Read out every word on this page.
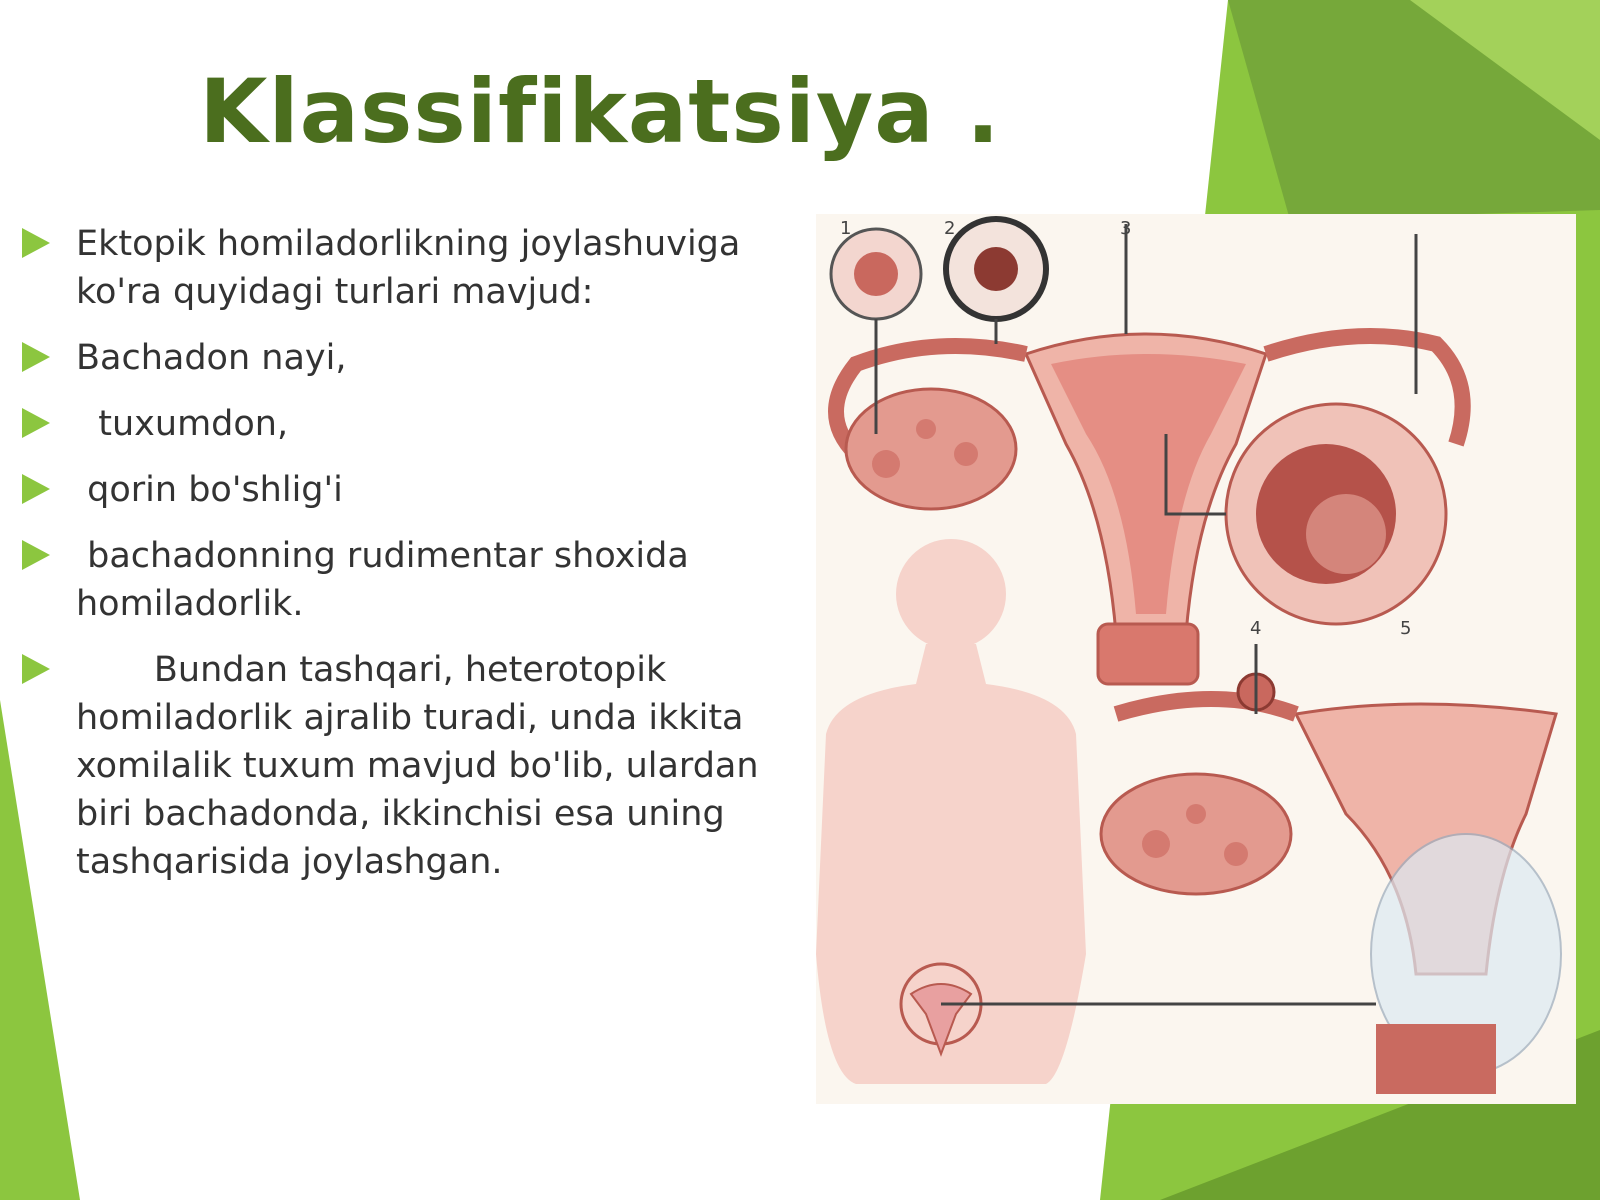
Klassifikatsiya .
Ektopik homiladorlikning joylashuviga ko'ra quyidagi turlari mavjud:
Bachadon nayi,
tuxumdon,
qorin bo'shlig'i
bachadonning rudimentar shoxida homiladorlik.
Bundan tashqari, heterotopik homiladorlik ajralib turadi, unda ikkita xomilalik tuxum mavjud bo'lib, ulardan biri bachadonda, ikkinchisi esa uning tashqarisida joylashgan.
1	2	3
4	5
